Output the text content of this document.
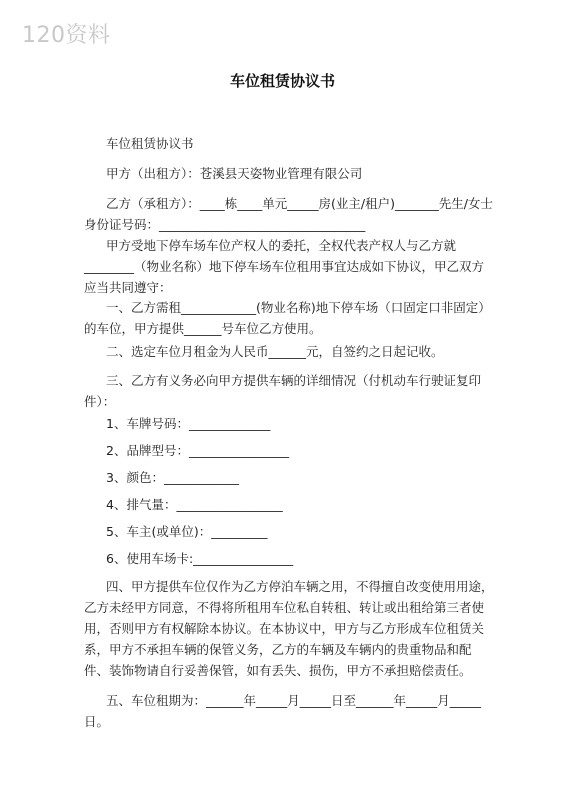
120资料
车位租赁协议书

车位租赁协议书

甲方（出租方）：苍溪县天姿物业管理有限公司

乙方（承租方）：____栋____单元_____房(业主/租户)_______先生/女士身份证号码：_________________________________

甲方受地下停车场车位产权人的委托，全权代表产权人与乙方就________（物业名称）地下停车场车位租用事宜达成如下协议，甲乙双方应当共同遵守：

一、乙方需租____________(物业名称)地下停车场（口固定口非固定）的车位，甲方提供______号车位乙方使用。

二、选定车位月租金为人民币______元，自签约之日起记收。

三、乙方有义务必向甲方提供车辆的详细情况（付机动车行驶证复印件）：

1、车牌号码：_____________

2、品牌型号：________________

3、颜色：____________

4、排气量：_________________

5、车主(或单位)：_________

6、使用车场卡:________________

四、甲方提供车位仅作为乙方停泊车辆之用，不得擅自改变使用用途，乙方未经甲方同意，不得将所租用车位私自转租、转让或出租给第三者使用，否则甲方有权解除本协议。在本协议中，甲方与乙方形成车位租赁关系，甲方不承担车辆的保管义务，乙方的车辆及车辆内的贵重物品和配件、装饰物请自行妥善保管，如有丢失、损伤，甲方不承担赔偿责任。

五、车位租期为：______年_____月_____日至______年_____月_____日。
